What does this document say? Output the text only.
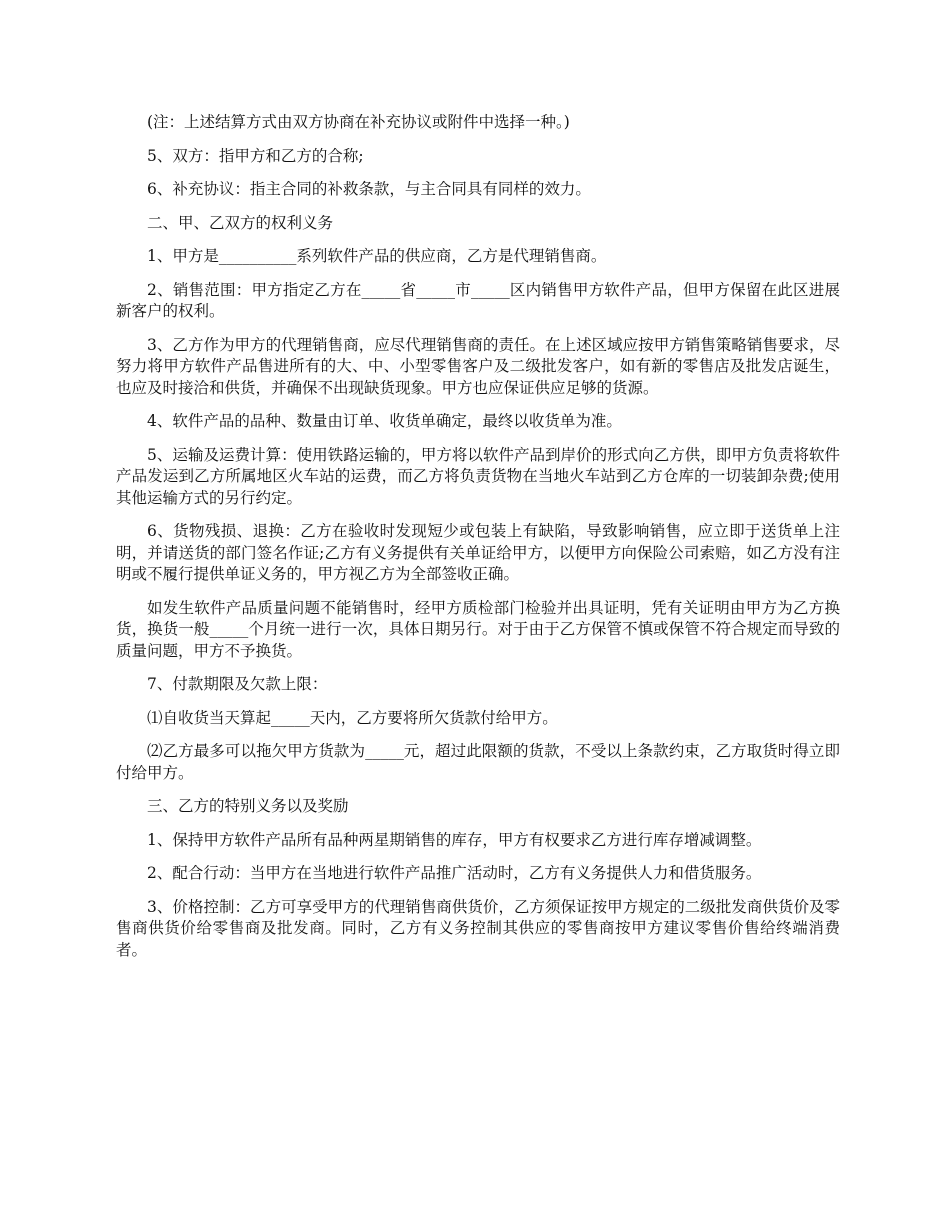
(注：上述结算方式由双方协商在补充协议或附件中选择一种。)

5、双方：指甲方和乙方的合称;

6、补充协议：指主合同的补救条款，与主合同具有同样的效力。

二、甲、乙双方的权利义务

1、甲方是__________系列软件产品的供应商，乙方是代理销售商。

2、销售范围：甲方指定乙方在_____省_____市_____区内销售甲方软件产品，但甲方保留在此区进展新客户的权利。

3、乙方作为甲方的代理销售商，应尽代理销售商的责任。在上述区域应按甲方销售策略销售要求，尽努力将甲方软件产品售进所有的大、中、小型零售客户及二级批发客户，如有新的零售店及批发店诞生，也应及时接洽和供货，并确保不出现缺货现象。甲方也应保证供应足够的货源。

4、软件产品的品种、数量由订单、收货单确定，最终以收货单为准。

5、运输及运费计算：使用铁路运输的，甲方将以软件产品到岸价的形式向乙方供，即甲方负责将软件产品发运到乙方所属地区火车站的运费，而乙方将负责货物在当地火车站到乙方仓库的一切装卸杂费;使用其他运输方式的另行约定。

6、货物残损、退换：乙方在验收时发现短少或包装上有缺陷，导致影响销售，应立即于送货单上注明，并请送货的部门签名作证;乙方有义务提供有关单证给甲方，以便甲方向保险公司索赔，如乙方没有注明或不履行提供单证义务的，甲方视乙方为全部签收正确。

如发生软件产品质量问题不能销售时，经甲方质检部门检验并出具证明，凭有关证明由甲方为乙方换货，换货一般_____个月统一进行一次，具体日期另行。对于由于乙方保管不慎或保管不符合规定而导致的质量问题，甲方不予换货。

7、付款期限及欠款上限：

⑴自收货当天算起_____天内，乙方要将所欠货款付给甲方。

⑵乙方最多可以拖欠甲方货款为_____元，超过此限额的货款，不受以上条款约束，乙方取货时得立即付给甲方。

三、乙方的特别义务以及奖励

1、保持甲方软件产品所有品种两星期销售的库存，甲方有权要求乙方进行库存增减调整。

2、配合行动：当甲方在当地进行软件产品推广活动时，乙方有义务提供人力和借货服务。

3、价格控制：乙方可享受甲方的代理销售商供货价，乙方须保证按甲方规定的二级批发商供货价及零售商供货价给零售商及批发商。同时，乙方有义务控制其供应的零售商按甲方建议零售价售给终端消费者。
